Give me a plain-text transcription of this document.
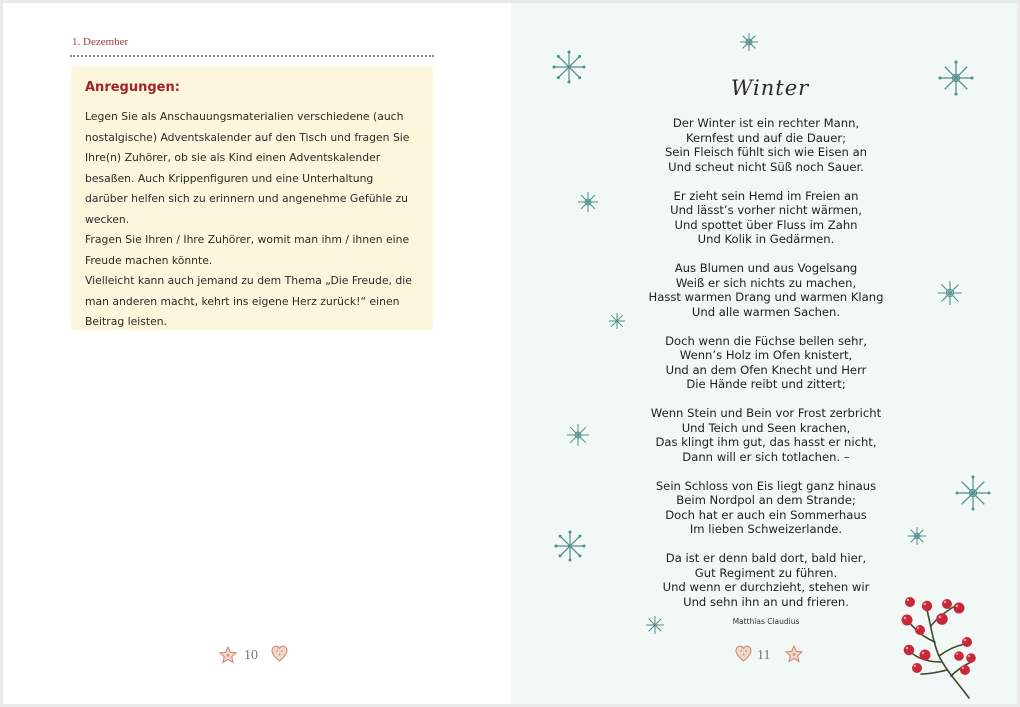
1. Dezember
Anregungen:
Legen Sie als Anschauungsmaterialien verschiedene (auch nostalgische) Adventskalender auf den Tisch und fragen Sie Ihre(n) Zuhörer, ob sie als Kind einen Adventskalender besaßen. Auch Krippenfiguren und eine Unterhaltung darüber helfen sich zu erinnern und angenehme Gefühle zu wecken.
Fragen Sie Ihren / Ihre Zuhörer, womit man ihm / ihnen eine Freude machen könnte.
Vielleicht kann auch jemand zu dem Thema „Die Freude, die man anderen macht, kehrt ins eigene Herz zurück!“ einen Beitrag leisten.
10
Winter
Der Winter ist ein rechter Mann,
Kernfest und auf die Dauer;
Sein Fleisch fühlt sich wie Eisen an
Und scheut nicht Süß noch Sauer.
Er zieht sein Hemd im Freien an
Und lässt’s vorher nicht wärmen,
Und spottet über Fluss im Zahn
Und Kolik in Gedärmen.
Aus Blumen und aus Vogelsang
Weiß er sich nichts zu machen,
Hasst warmen Drang und warmen Klang
Und alle warmen Sachen.
Doch wenn die Füchse bellen sehr,
Wenn’s Holz im Ofen knistert,
Und an dem Ofen Knecht und Herr
Die Hände reibt und zittert;
Wenn Stein und Bein vor Frost zerbricht
Und Teich und Seen krachen,
Das klingt ihm gut, das hasst er nicht,
Dann will er sich totlachen. –
Sein Schloss von Eis liegt ganz hinaus
Beim Nordpol an dem Strande;
Doch hat er auch ein Sommerhaus
Im lieben Schweizerlande.
Da ist er denn bald dort, bald hier,
Gut Regiment zu führen.
Und wenn er durchzieht, stehen wir
Und sehn ihn an und frieren.
Matthias Claudius
11
